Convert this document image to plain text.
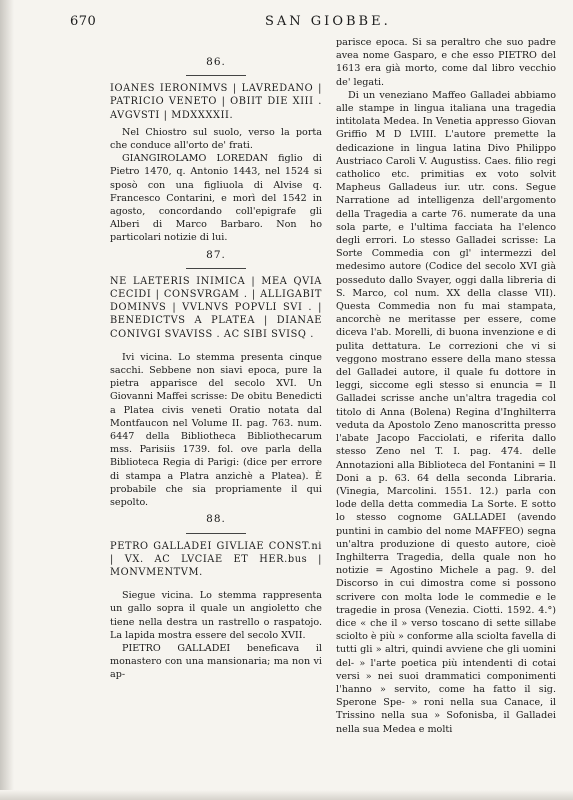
670	SAN GIOBBE.

86.

IOANES IERONIMVS | LAVREDANO | PATRICIO VENETO | OBIIT DIE XIII . AVGVSTI | MDXXXXII.

Nel Chiostro sul suolo, verso la porta che conduce all'orto de' frati.

GIANGIROLAMO LOREDAN figlio di Pietro 1470, q. Antonio 1443, nel 1524 si sposò con una figliuola di Alvise q. Francesco Contarini, e morì del 1542 in agosto, concordando coll'epigrafe gli Alberi di Marco Barbaro. Non ho particolari notizie di lui.

87.

NE LAETERIS INIMICA | MEA QVIA CECIDI | CONSVRGAM . | ALLIGABIT DOMINVS | VVLNVS POPVLI SVI . | BENEDICTVS A PLATEA | DIANAE CONIVGI SVAVISS . AC SIBI SVISQ .

Ivi vicina. Lo stemma presenta cinque sacchi. Sebbene non siavi epoca, pure la pietra apparisce del secolo XVI. Un Giovanni Maffei scrisse: De obitu Benedicti a Platea civis veneti Oratio notata dal Montfaucon nel Volume II. pag. 763. num. 6447 della Bibliotheca Bibliothecarum mss. Parisiis 1739. fol. ove parla della Biblioteca Regia di Parigi: (dice per errore di stampa a Platra anzichè a Platea). È probabile che sia propriamente il qui sepolto.

88.

PETRO GALLADEI GIVLIAE CONST.ni | VX. AC LVCIAE ET HER.bus | MONVMENTVM.

Siegue vicina. Lo stemma rappresenta un gallo sopra il quale un angioletto che tiene nella destra un rastrello o raspatojo. La lapida mostra essere del secolo XVII.

PIETRO GALLADEI beneficava il monastero con una mansionaria; ma non vi ap-

parisce epoca. Si sa peraltro che suo padre avea nome Gasparo, e che esso PIETRO del 1613 era già morto, come dal libro vecchio de' legati.

Di un veneziano Maffeo Galladei abbiamo alle stampe in lingua italiana una tragedia intitolata Medea. In Venetia appresso Giovan Griffio M D LVIII. L'autore premette la dedicazione in lingua latina Divo Philippo Austriaco Caroli V. Augustiss. Caes. filio regi catholico etc. primitias ex voto solvit Mapheus Galladeus iur. utr. cons. Segue Narratione ad intelligenza dell'argomento della Tragedia a carte 76. numerate da una sola parte, e l'ultima facciata ha l'elenco degli errori. Lo stesso Galladei scrisse: La Sorte Commedia con gl' intermezzi del medesimo autore (Codice del secolo XVI già posseduto dallo Svayer, oggi dalla libreria di S. Marco, col num. XX della classe VII). Questa Commedia non fu mai stampata, ancorchè ne meritasse per essere, come diceva l'ab. Morelli, di buona invenzione e di pulita dettatura. Le correzioni che vi si veggono mostrano essere della mano stessa del Galladei autore, il quale fu dottore in leggi, siccome egli stesso si enuncia = Il Galladei scrisse anche un'altra tragedia col titolo di Anna (Bolena) Regina d'Inghilterra veduta da Apostolo Zeno manoscritta presso l'abate Jacopo Facciolati, e riferita dallo stesso Zeno nel T. I. pag. 474. delle Annotazioni alla Biblioteca del Fontanini = Il Doni a p. 63. 64 della seconda Libraria. (Vinegia, Marcolini. 1551. 12.) parla con lode della detta commedia La Sorte. E sotto lo stesso cognome GALLADEI (avendo puntini in cambio del nome MAFFEO) segna un'altra produzione di questo autore, cioè Inghilterra Tragedia, della quale non ho notizie = Agostino Michele a pag. 9. del Discorso in cui dimostra come si possono scrivere con molta lode le commedie e le tragedie in prosa (Venezia. Ciotti. 1592. 4.°) dice « che il » verso toscano di sette sillabe sciolto è più » conforme alla sciolta favella di tutti gli » altri, quindi avviene che gli uomini del- » l'arte poetica più intendenti di cotai versi » nei suoi drammatici componimenti l'hanno » servito, come ha fatto il sig. Sperone Spe- » roni nella sua Canace, il Trissino nella sua » Sofonisba, il Galladei nella sua Medea e molti
